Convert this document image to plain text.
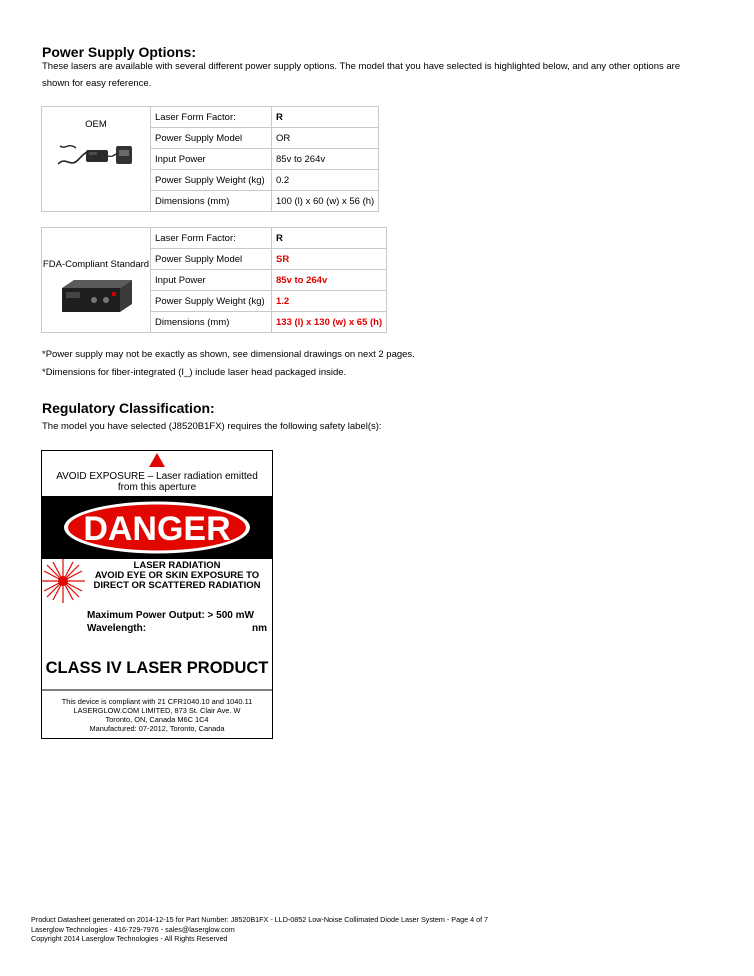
Power Supply Options:
These lasers are available with several different power supply options. The model that you have selected is highlighted below, and any other options are
shown for easy reference.
OEM	Laser Form Factor:	R
	Power Supply Model	OR
	Input Power	85v to 264v
	Power Supply Weight (kg)	0.2
	Dimensions (mm)	100 (l) x 60 (w) x 56 (h)
FDA-Compliant Standard	Laser Form Factor:	R
	Power Supply Model	SR
	Input Power	85v to 264v
	Power Supply Weight (kg)	1.2
	Dimensions (mm)	133 (l) x 130 (w) x 65 (h)
*Power supply may not be exactly as shown, see dimensional drawings on next 2 pages.
*Dimensions for fiber-integrated (I_) include laser head packaged inside.
Regulatory Classification:
The model you have selected (J8520B1FX) requires the following safety label(s):
AVOID EXPOSURE – Laser radiation emitted
from this aperture
DANGER
LASER RADIATION
AVOID EYE OR SKIN EXPOSURE TO
DIRECT OR SCATTERED RADIATION
Maximum Power Output: > 500 mW
Wavelength:	nm
CLASS IV LASER PRODUCT
This device is compliant with 21 CFR1040.10 and 1040.11
LASERGLOW.COM LIMITED, 873 St. Clair Ave. W
Toronto, ON, Canada M6C 1C4
Manufactured: 07-2012, Toronto, Canada
Product Datasheet generated on 2014-12-15 for Part Number: J8520B1FX - LLD-0852 Low-Noise Collimated Diode Laser System - Page 4 of 7
Laserglow Technologies - 416-729-7976 - sales@laserglow.com
Copyright 2014 Laserglow Technologies - All Rights Reserved
